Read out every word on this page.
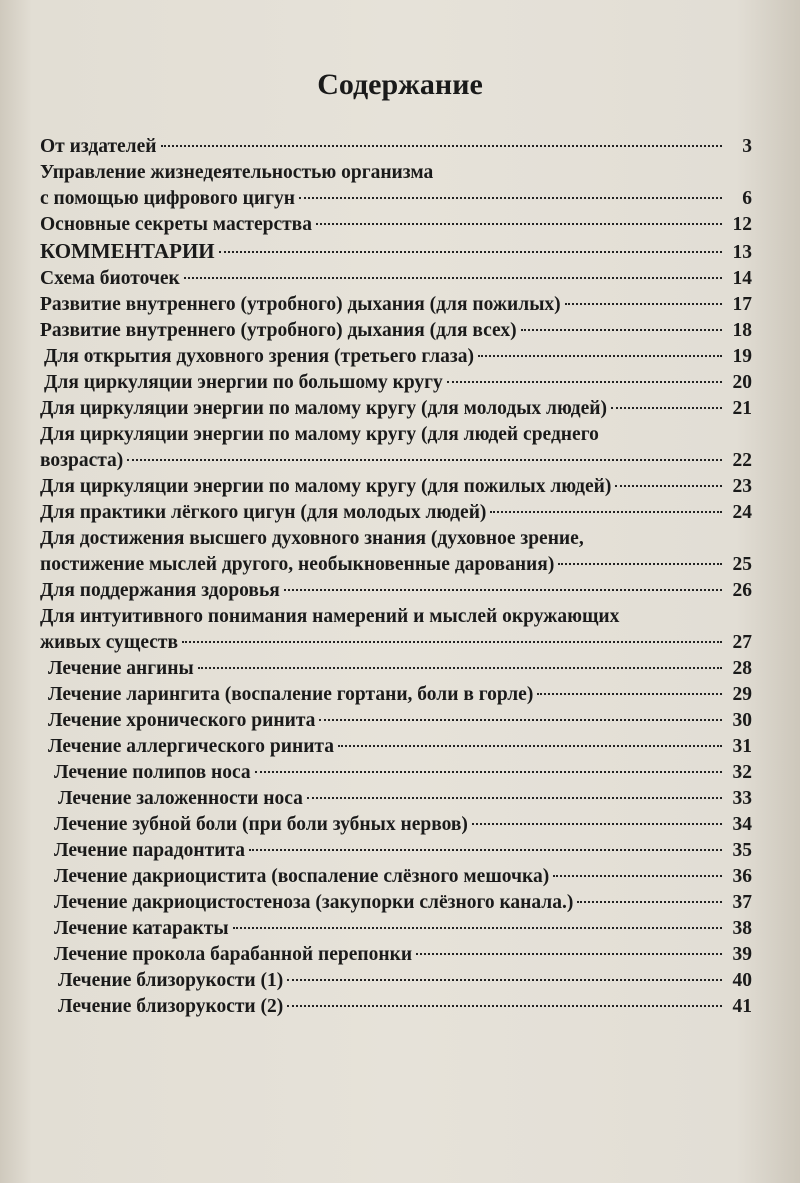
Содержание
От издателей	3
Управление жизнедеятельностью организма
с помощью цифрового цигун	6
Основные секреты мастерства	12
КОММЕНТАРИИ	13
Схема биоточек	14
Развитие внутреннего (утробного) дыхания (для пожилых)	17
Развитие внутреннего (утробного) дыхания (для всех)	18
Для открытия духовного зрения (третьего глаза)	19
Для циркуляции энергии по большому кругу	20
Для циркуляции энергии по малому кругу (для молодых людей)	21
Для циркуляции энергии по малому кругу (для людей среднего
возраста)	22
Для циркуляции энергии по малому кругу (для пожилых людей)	23
Для практики лёгкого цигун (для молодых людей)	24
Для достижения высшего духовного знания (духовное зрение,
постижение мыслей другого, необыкновенные дарования)	25
Для поддержания здоровья	26
Для интуитивного понимания намерений и мыслей окружающих
живых существ	27
Лечение ангины	28
Лечение ларингита (воспаление гортани, боли в горле)	29
Лечение хронического ринита	30
Лечение аллергического ринита	31
Лечение полипов носа	32
Лечение заложенности носа	33
Лечение зубной боли (при боли зубных нервов)	34
Лечение парадонтита	35
Лечение дакриоцистита (воспаление слёзного мешочка)	36
Лечение дакриоцистостеноза (закупорки слёзного канала.)	37
Лечение катаракты	38
Лечение прокола барабанной перепонки	39
Лечение близорукости (1)	40
Лечение близорукости (2)	41
